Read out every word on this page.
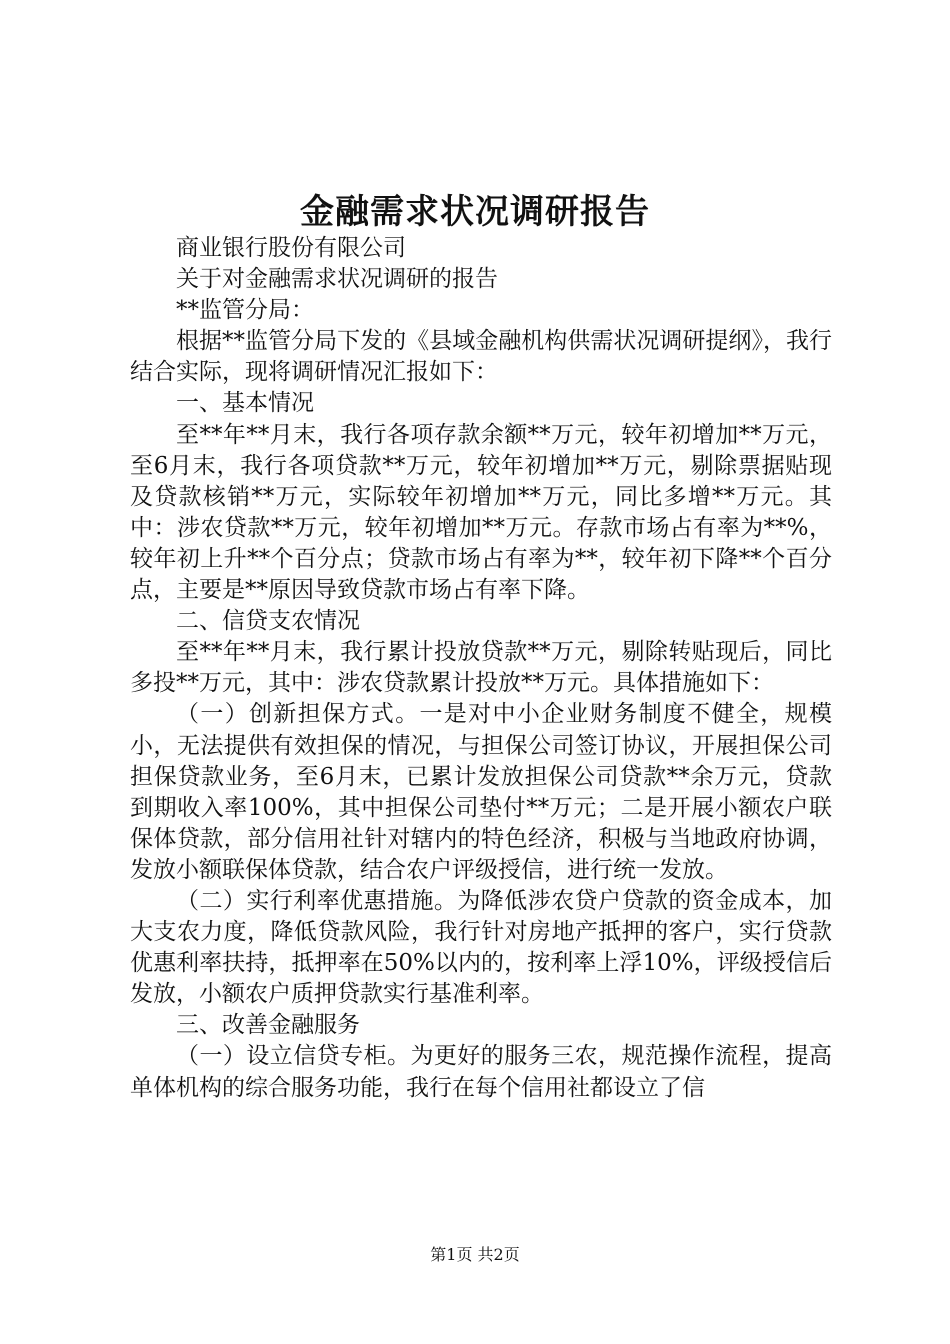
金融需求状况调研报告

商业银行股份有限公司

关于对金融需求状况调研的报告

**监管分局：

根据**监管分局下发的《县域金融机构供需状况调研提纲》，我行结合实际，现将调研情况汇报如下：

一、基本情况

至**年**月末，我行各项存款余额**万元，较年初增加**万元，至6月末，我行各项贷款**万元，较年初增加**万元，剔除票据贴现及贷款核销**万元，实际较年初增加**万元，同比多增**万元。其中：涉农贷款**万元，较年初增加**万元。存款市场占有率为**%，较年初上升**个百分点；贷款市场占有率为**，较年初下降**个百分点，主要是**原因导致贷款市场占有率下降。

二、信贷支农情况

至**年**月末，我行累计投放贷款**万元，剔除转贴现后，同比多投**万元，其中：涉农贷款累计投放**万元。具体措施如下：

（一）创新担保方式。一是对中小企业财务制度不健全，规模小，无法提供有效担保的情况，与担保公司签订协议，开展担保公司担保贷款业务，至6月末，已累计发放担保公司贷款**余万元，贷款到期收入率100%，其中担保公司垫付**万元；二是开展小额农户联保体贷款，部分信用社针对辖内的特色经济，积极与当地政府协调，发放小额联保体贷款，结合农户评级授信，进行统一发放。

（二）实行利率优惠措施。为降低涉农贷户贷款的资金成本，加大支农力度，降低贷款风险，我行针对房地产抵押的客户，实行贷款优惠利率扶持，抵押率在50%以内的，按利率上浮10%，评级授信后发放，小额农户质押贷款实行基准利率。

三、改善金融服务

（一）设立信贷专柜。为更好的服务三农，规范操作流程，提高单体机构的综合服务功能，我行在每个信用社都设立了信

第1页 共2页
